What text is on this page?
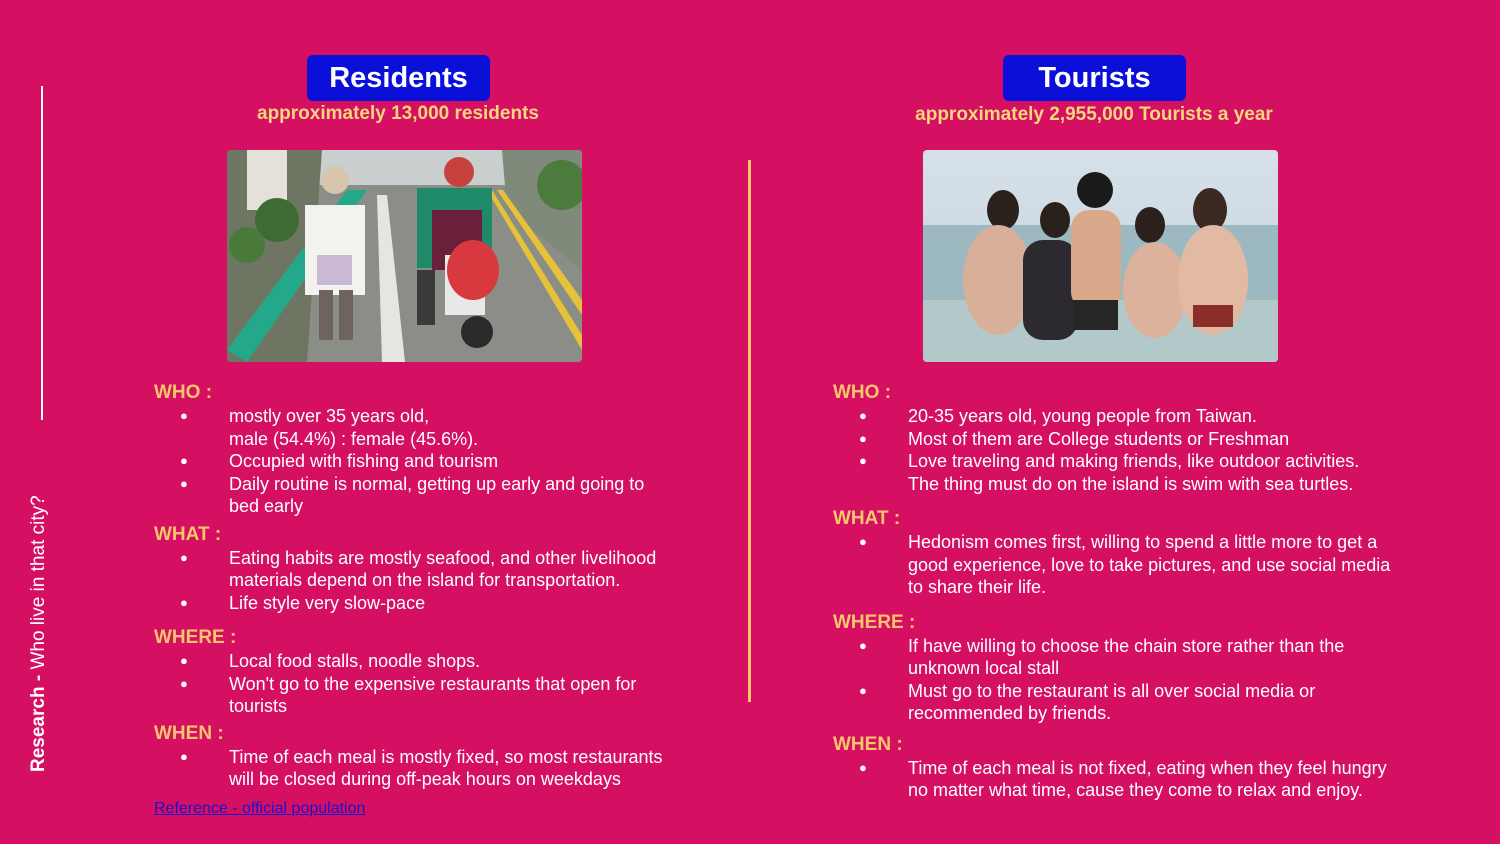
Research - Who live in that city?
Residents
approximately 13,000 residents
Tourists
approximately 2,955,000 Tourists a year
WHO :
● mostly over 35 years old,
male (54.4%) : female (45.6%).
● Occupied with fishing and tourism
● Daily routine is normal, getting up early and going to
bed early
WHAT :
● Eating habits are mostly seafood, and other livelihood
materials depend on the island for transportation.
● Life style very slow-pace
WHERE :
● Local food stalls, noodle shops.
● Won't go to the expensive restaurants that open for
tourists
WHEN :
● Time of each meal is mostly fixed, so most restaurants
will be closed during off-peak hours on weekdays
Reference - official population
WHO :
● 20-35 years old, young people from Taiwan.
● Most of them are College students or Freshman
● Love traveling and making friends, like outdoor activities.
The thing must do on the island is swim with sea turtles.
WHAT :
● Hedonism comes first, willing to spend a little more to get a
good experience, love to take pictures, and use social media
to share their life.
WHERE :
● If have willing to choose the chain store rather than the
unknown local stall
● Must go to the restaurant is all over social media or
recommended by friends.
WHEN :
● Time of each meal is not fixed, eating when they feel hungry
no matter what time, cause they come to relax and enjoy.
